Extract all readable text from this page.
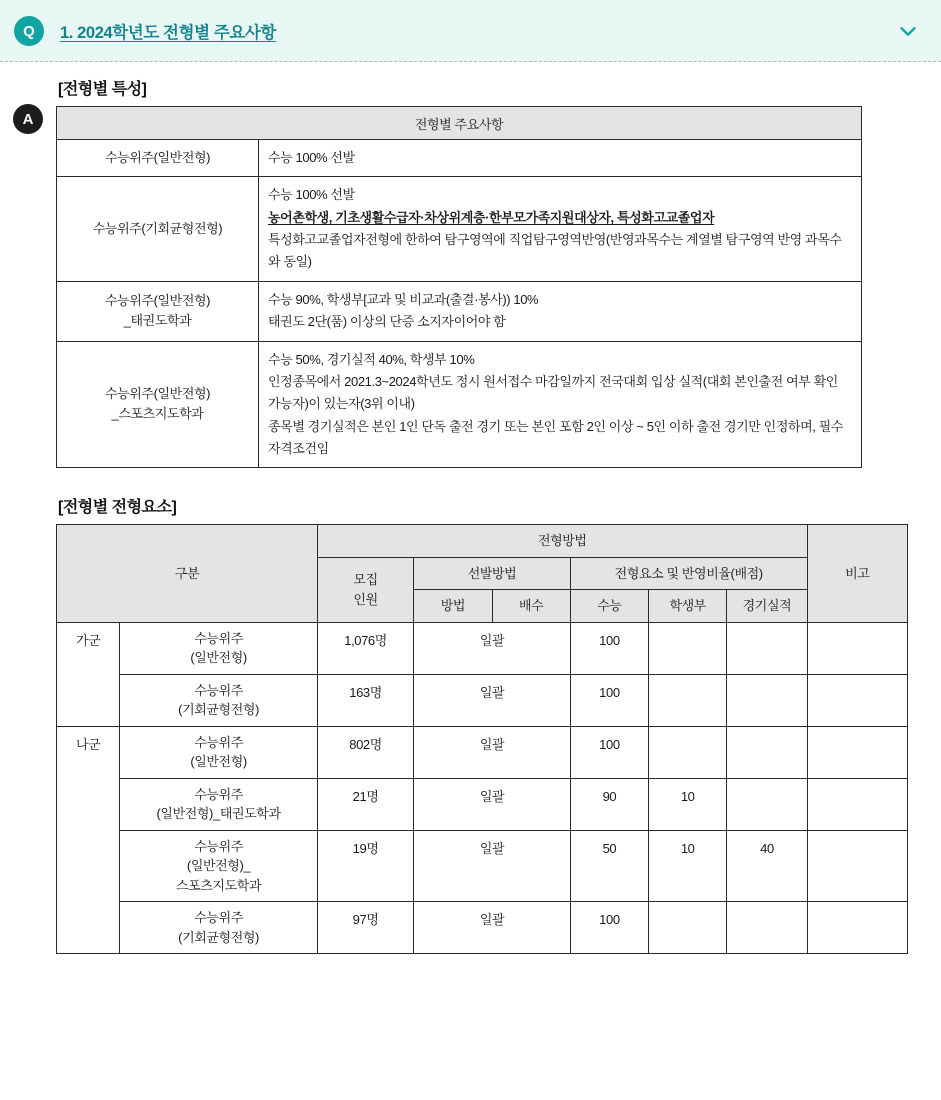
Q	1. 2024학년도 전형별 주요사항
A
[전형별 특성]
전형별 주요사항	
수능위주(일반전형)	수능 100% 선발

수능위주(기회균형전형)	수능 100% 선발
농어촌학생, 기초생활수급자·차상위계층·한부모가족지원대상자, 특성화고교졸업자
특성화고교졸업자전형에 한하여 탐구영역에 직업탐구영역반영(반영과목수는 계열별 탐구영역 반영 과목수와 동일)

수능위주(일반전형)
_태권도학과	
수능 90%, 학생부[교과 및 비교과(출결·봉사)) 10%
태권도 2단(품) 이상의 단증 소지자이어야 함

수능위주(일반전형)
_스포츠지도학과	
수능 50%, 경기실적 40%, 학생부 10%
인정종목에서 2021.3~2024학년도 정시 원서접수 마감일까지 전국대회 입상 실적(대회 본인출전 여부 확인 가능자)이 있는자(3위 이내)
종목별 경기실적은 본인 1인 단독 출전 경기 또는 본인 포함 2인 이상 ~ 5인 이하 출전 경기만 인정하며, 필수 자격조건임
[전형별 전형요소]
구분		전형방법						비고
		모집
인원	선발방법		전형요소 및 반영비율(배점)			
			방법	배수	수능	학생부	경기실적	
가군	수능위주
(일반전형)	1,076명	일괄		100			
	수능위주
(기회균형전형)	163명	일괄		100			
나군	수능위주
(일반전형)	802명	일괄		100			
	수능위주
(일반전형)_태권도학과	21명	일괄		90	10		
	수능위주
(일반전형)_
스포츠지도학과	19명	일괄		50	10	40	
	수능위주
(기회균형전형)	97명	일괄		100			
